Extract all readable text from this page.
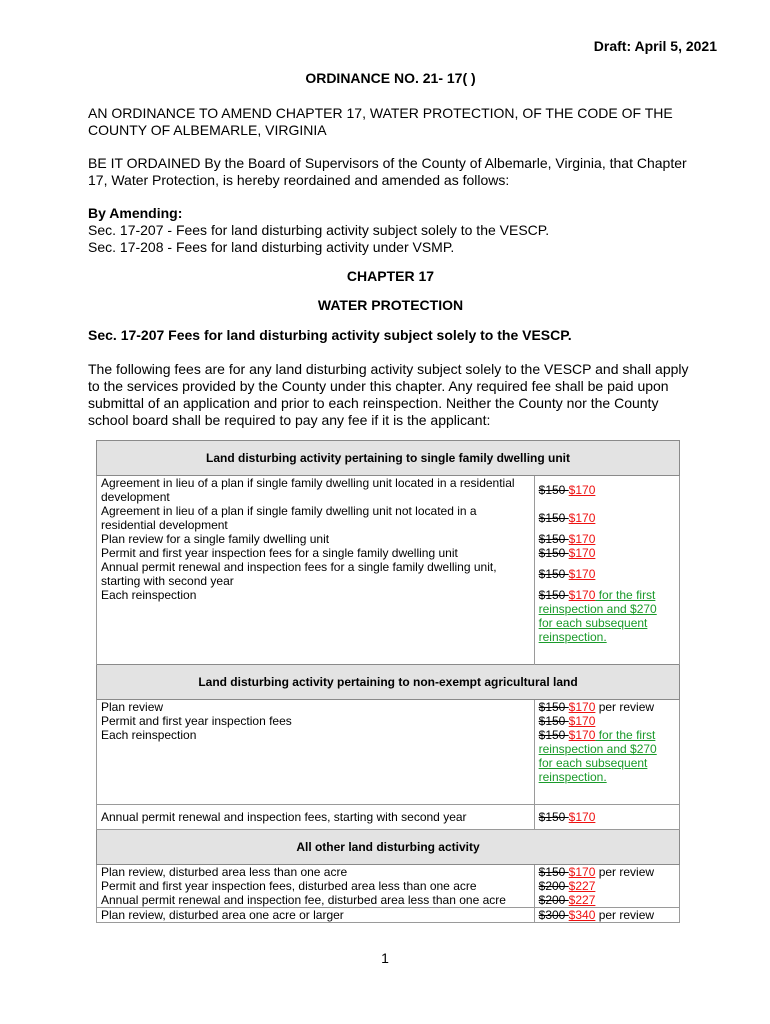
Draft: April 5, 2021
ORDINANCE NO. 21- 17( )
AN ORDINANCE TO AMEND CHAPTER 17, WATER PROTECTION, OF THE CODE OF THE COUNTY OF ALBEMARLE, VIRGINIA
BE IT ORDAINED By the Board of Supervisors of the County of Albemarle, Virginia, that Chapter 17, Water Protection, is hereby reordained and amended as follows:

By Amending:

Sec. 17-207 - Fees for land disturbing activity subject solely to the VESCP.

Sec. 17-208 - Fees for land disturbing activity under VSMP.

CHAPTER 17
WATER PROTECTION
Sec. 17-207 Fees for land disturbing activity subject solely to the VESCP.
The following fees are for any land disturbing activity subject solely to the VESCP and shall apply to the services provided by the County under this chapter. Any required fee shall be paid upon submittal of an application and prior to each reinspection. Neither the County nor the County school board shall be required to pay any fee if it is the applicant:
Land disturbing activity pertaining to single family dwelling unit	
Agreement in lieu of a plan if single family dwelling unit located in a residential development	$150 $170
Agreement in lieu of a plan if single family dwelling unit not located in a residential development	$150 $170
Plan review for a single family dwelling unit	$150 $170
Permit and first year inspection fees for a single family dwelling unit	$150 $170
Annual permit renewal and inspection fees for a single family dwelling unit, starting with second year	$150 $170
Each reinspection	$150 $170 for the first reinspection and $270 for each subsequent reinspection.
Land disturbing activity pertaining to non-exempt agricultural land	
Plan review	$150 $170 per review
Permit and first year inspection fees	$150 $170
Each reinspection	$150 $170 for the first reinspection and $270 for each subsequent reinspection.
Annual permit renewal and inspection fees, starting with second year	$150 $170
All other land disturbing activity	
Plan review, disturbed area less than one acre	$150 $170 per review
Permit and first year inspection fees, disturbed area less than one acre	$200 $227
Annual permit renewal and inspection fee, disturbed area less than one acre	$200 $227
Plan review, disturbed area one acre or larger	$300 $340 per review
1
